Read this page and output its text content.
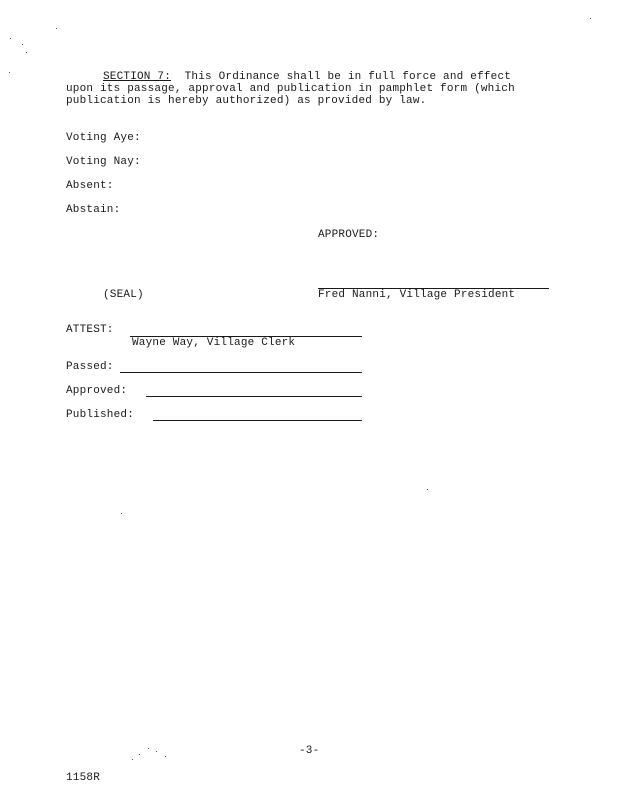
SECTION 7:  This Ordinance shall be in full force and effect
upon its passage, approval and publication in pamphlet form (which
publication is hereby authorized) as provided by law.
Voting Aye:
Voting Nay:
Absent:
Abstain:
APPROVED:
(SEAL)	Fred Nanni, Village President
ATTEST:
Wayne Way, Village Clerk
Passed:
Approved:
Published:
-3-
1158R
